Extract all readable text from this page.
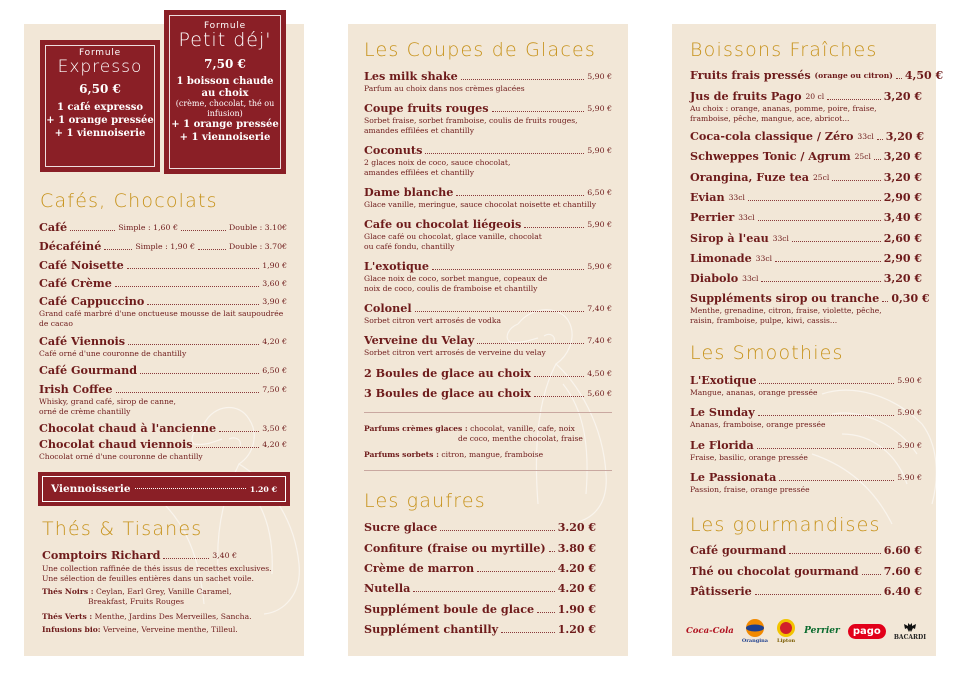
Formule
Expresso
6,50 €
1 café expresso
+ 1 orange pressée
+ 1 viennoiserie
Formule
Petit déj'
7,50 €
1 boisson chaude
au choix
(crème, chocolat, thé ou infusion)
+ 1 orange pressée
+ 1 viennoiserie
Cafés, Chocolats
Café	Simple : 1,60 €	Double : 3.10€
Décaféiné	Simple : 1,90 €	Double : 3.70€
Café Noisette	1,90 €
Café Crème	3,60 €
Café Cappuccino	3,90 €
Grand café marbré d'une onctueuse mousse de lait saupoudrée de cacao
Café Viennois	4,20 €
Café orné d'une couronne de chantilly
Café Gourmand	6,50 €
Irish Coffee	7,50 €
Whisky, grand café, sirop de canne, orné de crème chantilly
Chocolat chaud à l'ancienne	3,50 €
Chocolat chaud viennois	4,20 €
Chocolat orné d'une couronne de chantilly
Viennoisserie	1.20 €
Thés & Tisanes
Comptoirs Richard	3,40 €
Une collection raffinée de thés issus de recettes exclusives. Une sélection de feuilles entières dans un sachet voile.
Thés Noirs : Ceylan, Earl Grey, Vanille Caramel,
Breakfast, Fruits Rouges
Thés Verts : Menthe, Jardins Des Merveilles, Sancha.
Infusions bio: Verveine, Verveine menthe, Tilleul.
Les Coupes de Glaces
Les milk shake	5,90 €
Parfum au choix dans nos crèmes glacées
Coupe fruits rouges	5,90 €
Sorbet fraise, sorbet framboise, coulis de fruits rouges, amandes effilées et chantilly
Coconuts	5,90 €
2 glaces noix de coco, sauce chocolat, amandes effilées et chantilly
Dame blanche	6,50 €
Glace vanille, meringue, sauce chocolat noisette et chantilly
Cafe ou chocolat liégeois	5,90 €
Glace café ou chocolat, glace vanille, chocolat ou café fondu, chantilly
L'exotique	5,90 €
Glace noix de coco, sorbet mangue, copeaux de noix de coco, coulis de framboise et chantilly
Colonel	7,40 €
Sorbet citron vert arrosés de vodka
Verveine du Velay	7,40 €
Sorbet citron vert arrosés de verveine du velay
2 Boules de glace au choix	4,50 €
3 Boules de glace au choix	5,60 €
Parfums crèmes glaces : chocolat, vanille, cafe, noix
de coco, menthe chocolat, fraise
Parfums sorbets : citron, mangue, framboise
Les gaufres
Sucre glace	3.20 €
Confiture (fraise ou myrtille) 3.80 €
Crème de marron	4.20 €
Nutella	4.20 €
Supplément boule de glace 1.90 €
Supplément chantilly	1.20 €
Boissons Fraîches
Fruits frais pressés
(orange ou citron) 4,50 €
Jus de fruits Pago
20 cl	3,20 €
Au choix : orange, ananas, pomme, poire, fraise, framboise, pêche, mangue, ace, abricot...
Coca-cola classique / Zéro
33cl 3,20 €
Schweppes Tonic / Agrum
25cl 3,20 €
Orangina, Fuze tea
25cl	3,20 €
Evian
33cl	2,90 €
Perrier
33cl	3,40 €
Sirop à l'eau
33cl	2,60 €
Limonade
33cl	2,90 €
Diabolo
33cl	3,20 €
Suppléments sirop ou tranche 0,30 €
Menthe, grenadine, citron, fraise, violette, pêche, raisin, framboise, pulpe, kiwi, cassis...
Les Smoothies
L'Exotique	5.90 €
Mangue, ananas, orange pressée
Le Sunday	5.90 €
Ananas, framboise, orange pressée
Le Florida	5.90 €
Fraise, basilic, orange pressée
Le Passionata	5.90 €
Passion, fraise, orange pressée
Les gourmandises
Café gourmand	6.60 €
Thé ou chocolat gourmand 7.60 €
Pâtisserie	6.40 €
Coca-Cola
Orangina Lipton
Perrier	pago
BACARDI
